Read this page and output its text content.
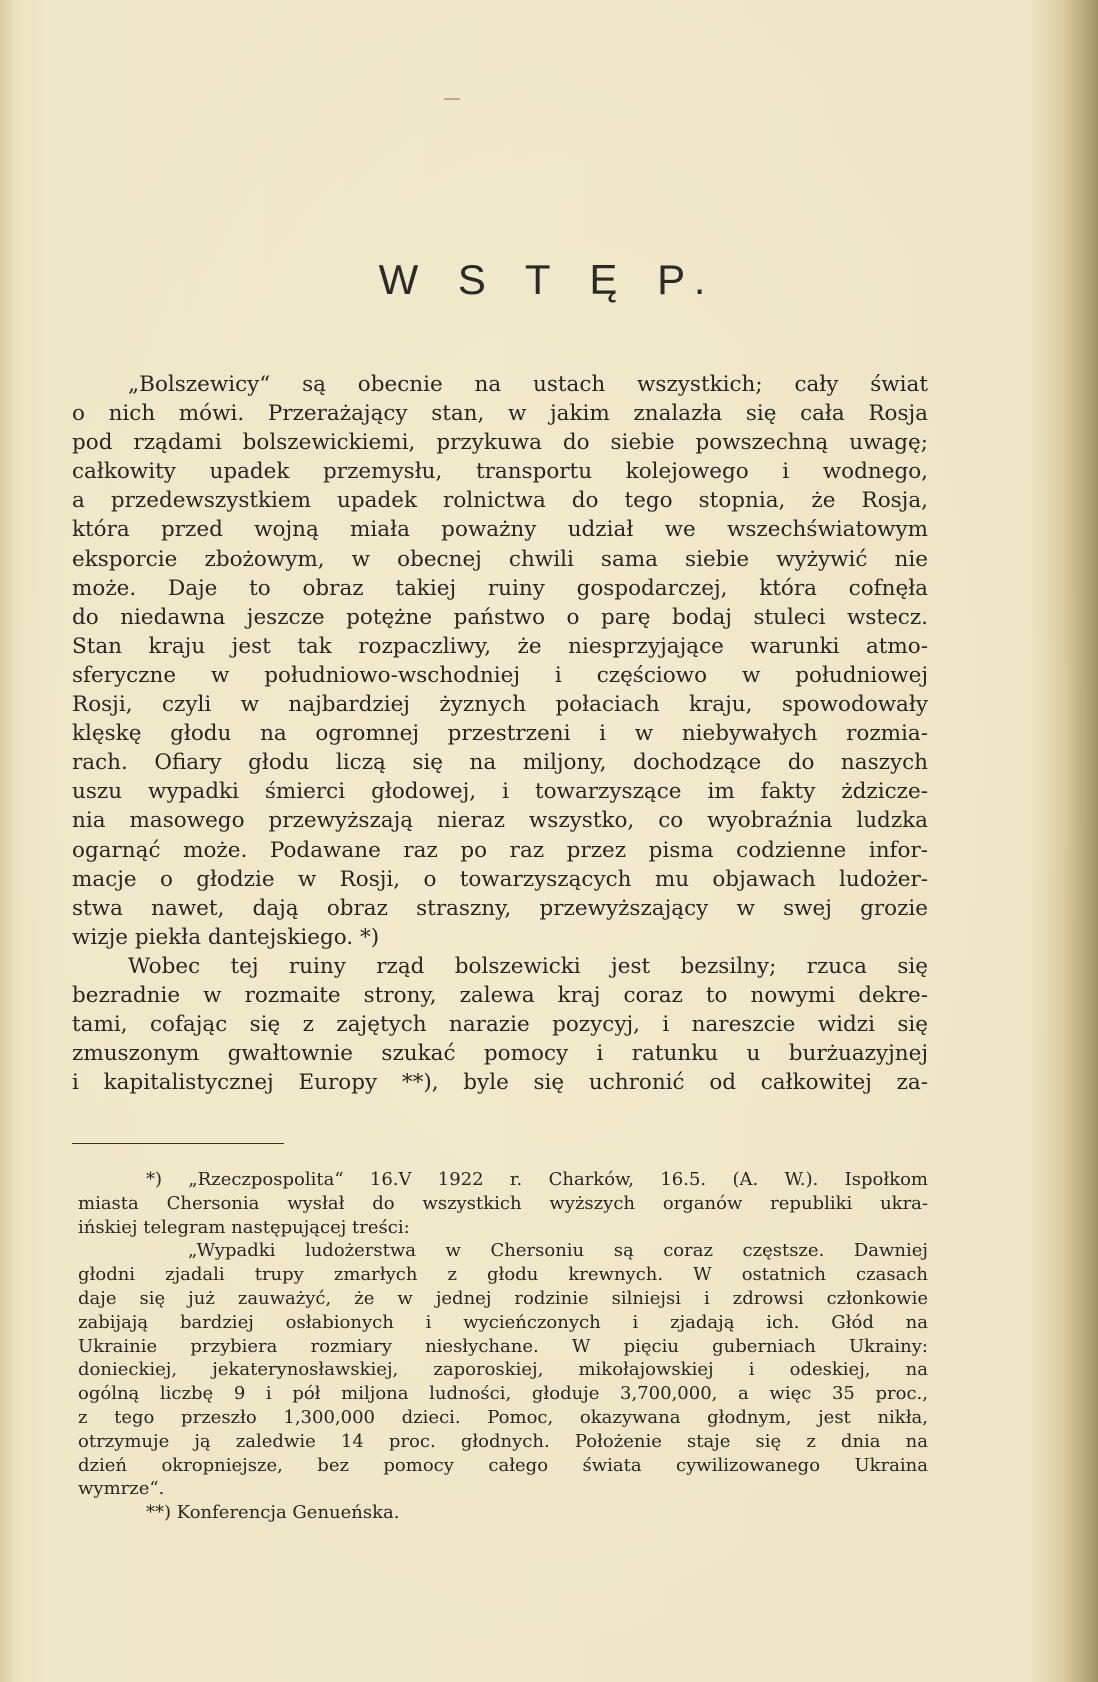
W S T Ę P.

„Bolszewicy“ są obecnie na ustach wszystkich; cały świat

o nich mówi. Przerażający stan, w jakim znalazła się cała Rosja

pod rządami bolszewickiemi, przykuwa do siebie powszechną uwagę;

całkowity upadek przemysłu, transportu kolejowego i wodnego,

a przedewszystkiem upadek rolnictwa do tego stopnia, że Rosja,

która przed wojną miała poważny udział we wszechświatowym

eksporcie zbożowym, w obecnej chwili sama siebie wyżywić nie

może. Daje to obraz takiej ruiny gospodarczej, która cofnęła

do niedawna jeszcze potężne państwo o parę bodaj stuleci wstecz.

Stan kraju jest tak rozpaczliwy, że niesprzyjające warunki atmo-

sferyczne w południowo-wschodniej i częściowo w południowej

Rosji, czyli w najbardziej żyznych połaciach kraju, spowodowały

klęskę głodu na ogromnej przestrzeni i w niebywałych rozmia-

rach. Ofiary głodu liczą się na miljony, dochodzące do naszych

uszu wypadki śmierci głodowej, i towarzyszące im fakty żdziczе-

nia masowego przewyższają nieraz wszystko, co wyobraźnia ludzka

ogarnąć może. Podawane raz po raz przez pisma codzienne infor-

macje o głodzie w Rosji, o towarzyszących mu objawach ludożer-

stwa nawet, dają obraz straszny, przewyższający w swej grozie

wizje piekła dantejskiego. *)

Wobec tej ruiny rząd bolszewicki jest bezsilny; rzuca się

bezradnie w rozmaite strony, zalewa kraj coraz to nowymi dekre-

tami, cofając się z zajętych narazie pozycyj, i nareszcie widzi się

zmuszonym gwałtownie szukać pomocy i ratunku u burżuazyjnej

i kapitalistycznej Europy **), byle się uchronić od całkowitej za-

*) „Rzeczpospolita“ 16.V 1922 r. Charków, 16.5. (A. W.). Ispołkom

miasta Chersonia wysłał do wszystkich wyższych organów republiki ukra-

ińskiej telegram następującej treści:

„Wypadki ludożerstwa w Chersoniu są coraz częstsze. Dawniej

głodni zjadali trupy zmarłych z głodu krewnych. W ostatnich czasach

daje się już zauważyć, że w jednej rodzinie silniejsi i zdrowsi członkowie

zabijają bardziej osłabionych i wycieńczonych i zjadają ich. Głód na

Ukrainie przybiera rozmiary niesłychane. W pięciu guberniach Ukrainy:

donieckiej, jekaterynosławskiej, zaporoskiej, mikołajowskiej i odeskiej, na

ogólną liczbę 9 i pół miljona ludności, głoduje 3,700,000, a więc 35 proc.,

z tego przeszło 1,300,000 dzieci. Pomoc, okazywana głodnym, jest nikła,

otrzymuje ją zaledwie 14 proc. głodnych. Położenie staje się z dnia na

dzień okropniejsze, bez pomocy całego świata cywilizowanego Ukraina

wymrze“.

**) Konferencja Genueńska.
